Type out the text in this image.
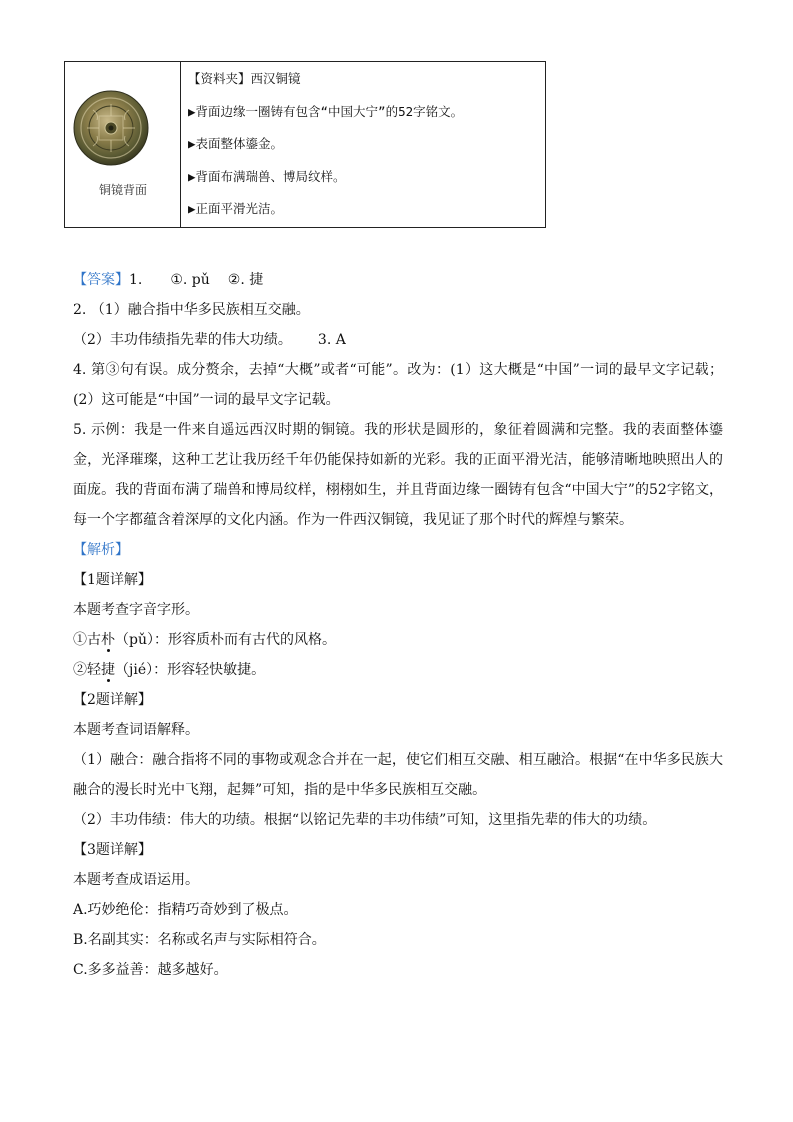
铜镜背面
【资料夹】西汉铜镜
▶背面边缘一圈铸有包含“中国大宁”的52字铭文。
▶表面整体鎏金。
▶背面布满瑞兽、博局纹样。
▶正面平滑光洁。
【答案】1. ①. pǔ ②. 捷
2. （1）融合指中华多民族相互交融。
（2）丰功伟绩指先辈的伟大功绩。 3. A
4. 第③句有误。成分赘余，去掉“大概”或者“可能”。改为：(1）这大概是“中国”一词的最早文字记载；(2）这可能是“中国”一词的最早文字记载。
5. 示例：我是一件来自遥远西汉时期的铜镜。我的形状是圆形的，象征着圆满和完整。我的表面整体鎏金，光泽璀璨，这种工艺让我历经千年仍能保持如新的光彩。我的正面平滑光洁，能够清晰地映照出人的面庞。我的背面布满了瑞兽和博局纹样，栩栩如生，并且背面边缘一圈铸有包含“中国大宁”的52字铭文，每一个字都蕴含着深厚的文化内涵。作为一件西汉铜镜，我见证了那个时代的辉煌与繁荣。
【解析】
【1题详解】
本题考查字音字形。
①古朴（pǔ）：形容质朴而有古代的风格。
②轻捷（jié）：形容轻快敏捷。
【2题详解】
本题考查词语解释。
（1）融合：融合指将不同的事物或观念合并在一起，使它们相互交融、相互融洽。根据“在中华多民族大融合的漫长时光中飞翔，起舞”可知，指的是中华多民族相互交融。
（2）丰功伟绩：伟大的功绩。根据“以铭记先辈的丰功伟绩”可知，这里指先辈的伟大的功绩。
【3题详解】
本题考查成语运用。
A.巧妙绝伦：指精巧奇妙到了极点。
B.名副其实：名称或名声与实际相符合。
C.多多益善：越多越好。
